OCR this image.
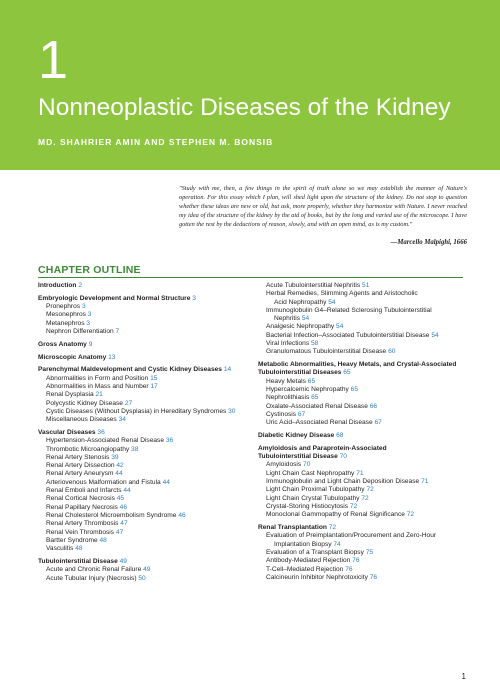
1
Nonneoplastic Diseases of the Kidney

MD. SHAHRIER AMIN AND STEPHEN M. BONSIB

"Study with me, then, a few things in the spirit of truth alone so we may establish the manner of Nature's operation. For this essay which I plan, will shed light upon the structure of the kidney. Do not stop to question whether these ideas are new or old, but ask, more properly, whether they harmonize with Nature. I never reached my idea of the structure of the kidney by the aid of books, but by the long and varied use of the microscope. I have gotten the rest by the deductions of reason, slowly, and with an open mind, as is my custom."

—Marcello Malpighi, 1666

CHAPTER OUTLINE
Introduction 2
Embryologic Development and Normal Structure 3
Pronephros 3
Mesonephros 3
Metanephros 3
Nephron Differentiation 7
Gross Anatomy 9
Microscopic Anatomy 13
Parenchymal Maldevelopment and Cystic Kidney Diseases 14
Abnormalities in Form and Position 15
Abnormalities in Mass and Number 17
Renal Dysplasia 21
Polycystic Kidney Disease 27
Cystic Diseases (Without Dysplasia) in Hereditary Syndromes 30
Miscellaneous Diseases 34
Vascular Diseases 36
Hypertension-Associated Renal Disease 36
Thrombotic Microangiopathy 38
Renal Artery Stenosis 39
Renal Artery Dissection 42
Renal Artery Aneurysm 44
Arteriovenous Malformation and Fistula 44
Renal Emboli and Infarcts 44
Renal Cortical Necrosis 45
Renal Papillary Necrosis 46
Renal Cholesterol Microembolism Syndrome 46
Renal Artery Thrombosis 47
Renal Vein Thrombosis 47
Bartter Syndrome 48
Vasculitis 48
Tubulointerstitial Disease 49
Acute and Chronic Renal Failure 49
Acute Tubular Injury (Necrosis) 50
Acute Tubulointerstitial Nephritis 51
Herbal Remedies, Slimming Agents and Aristocholic
Acid Nephropathy 54
Immunoglobulin G4–Related Sclerosing Tubulointerstitial
Nephritis 54
Analgesic Nephropathy 54
Bacterial Infection–Associated Tubulointerstitial Disease 54
Viral Infections 58
Granulomatous Tubulointerstitial Disease 60
Metabolic Abnormalities, Heavy Metals, and Crystal-Associated
Tubulointerstitial Diseases 65
Heavy Metals 65
Hypercalcemic Nephropathy 65
Nephrolithiasis 65
Oxalate-Associated Renal Disease 66
Cystinosis 67
Uric Acid–Associated Renal Disease 67
Diabetic Kidney Disease 68
Amyloidosis and Paraprotein-Associated
Tubulointerstitial Disease 70
Amyloidosis 70
Light Chain Cast Nephropathy 71
Immunoglobulin and Light Chain Deposition Disease 71
Light Chain Proximal Tubulopathy 72
Light Chain Crystal Tubulopathy 72
Crystal-Storing Histiocytosis 72
Monoclonal Gammopathy of Renal Significance 72
Renal Transplantation 72
Evaluation of Preimplantation/Procurement and Zero-Hour
Implantation Biopsy 74
Evaluation of a Transplant Biopsy 75
Antibody-Mediated Rejection 76
T-Cell–Mediated Rejection 76
Calcineurin Inhibitor Nephrotoxicity 76

1
